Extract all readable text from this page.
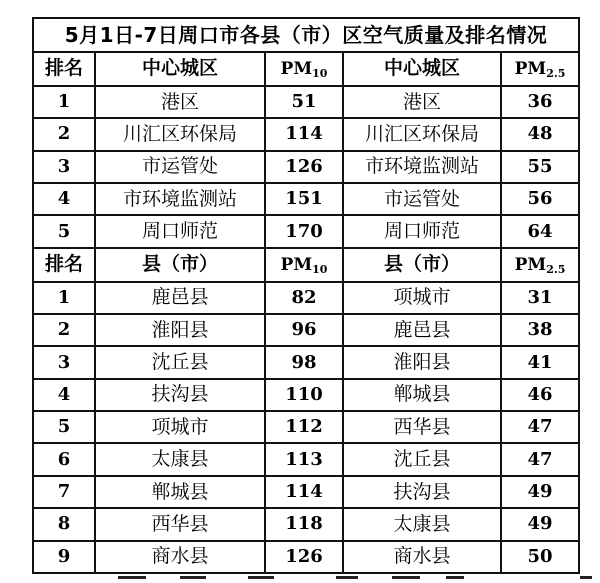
5月1日-7日周口市各县（市）区空气质量及排名情况				
排名	中心城区	PM10	中心城区	PM2.5
1	港区	51	港区	36
2	川汇区环保局	114	川汇区环保局	48
3	市运管处	126	市环境监测站	55
4	市环境监测站	151	市运管处	56
5	周口师范	170	周口师范	64
排名	县（市）	PM10	县（市）	PM2.5
1	鹿邑县	82	项城市	31
2	淮阳县	96	鹿邑县	38
3	沈丘县	98	淮阳县	41
4	扶沟县	110	郸城县	46
5	项城市	112	西华县	47
6	太康县	113	沈丘县	47
7	郸城县	114	扶沟县	49
8	西华县	118	太康县	49
9	商水县	126	商水县	50
